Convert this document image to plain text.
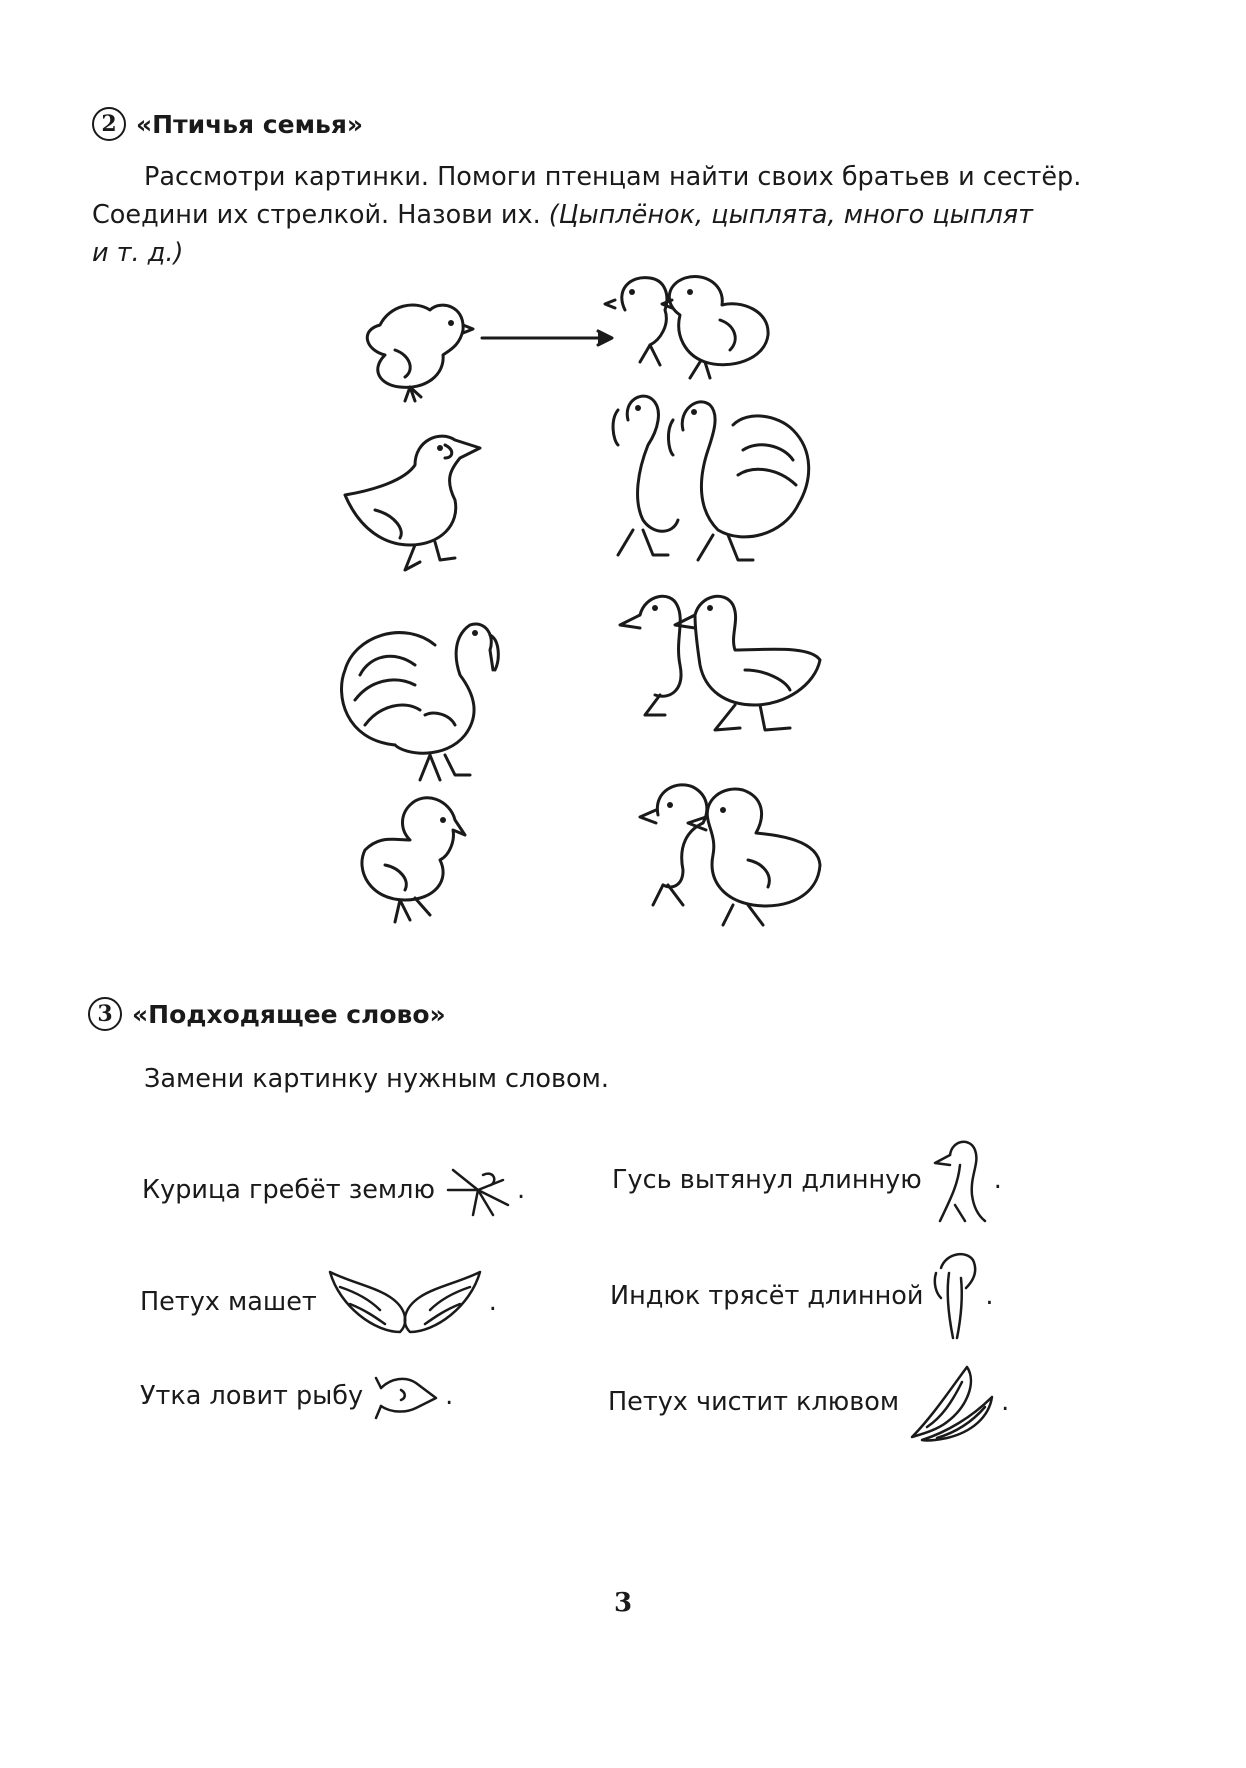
2 «Птичья семья»

Рассмотри картинки. Помоги птенцам найти своих братьев и сестёр.

Соедини их стрелкой. Назови их. (Цыплёнок, цыплята, много цыплят

и т. д.)

3 «Подходящее слово»
Замени картинку нужным словом.
Курица гребёт землю	.	Гусь вытянул длинную	.
Петух машет	.	Индюк трясёт длинной .
Утка ловит рыбу	.	Петух чистит клювом	.
3
